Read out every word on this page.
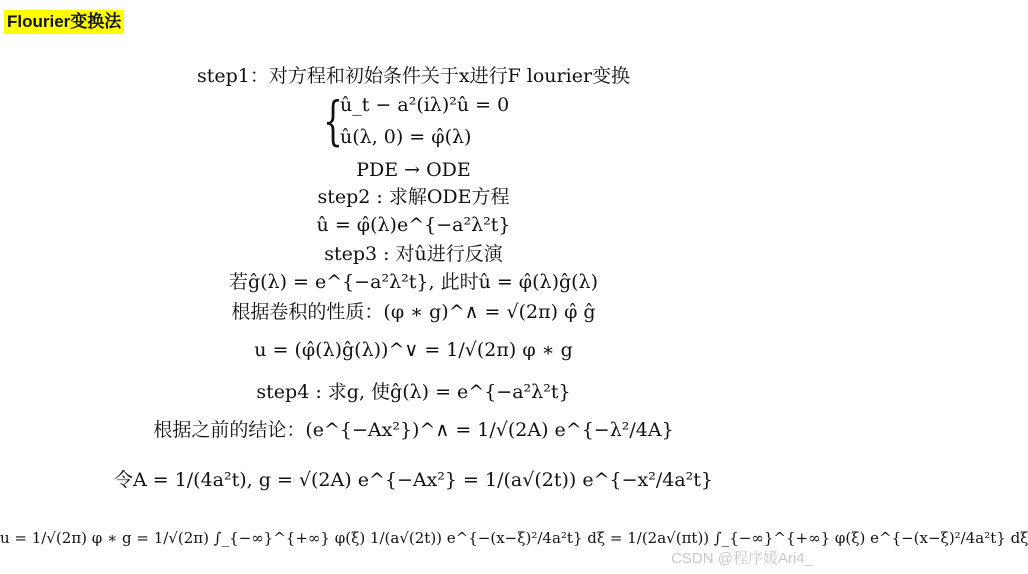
Flourier变换法
step1：对方程和初始条件关于x进行F lourier变换
{
û_t − a²(iλ)²û = 0
û(λ, 0) = φ̂(λ)
PDE → ODE
step2 : 求解ODE方程
û = φ̂(λ)e^{−a²λ²t}
step3 : 对û进行反演
若ĝ(λ) = e^{−a²λ²t}, 此时û = φ̂(λ)ĝ(λ)
根据卷积的性质：(φ ∗ g)^∧ = √(2π) φ̂ ĝ
u = (φ̂(λ)ĝ(λ))^∨ = 1/√(2π) φ ∗ g
step4 : 求g, 使ĝ(λ) = e^{−a²λ²t}
根据之前的结论：(e^{−Ax²})^∧ = 1/√(2A) e^{−λ²/4A}
令A = 1/(4a²t), g = √(2A) e^{−Ax²} = 1/(a√(2t)) e^{−x²/4a²t}
u = 1/√(2π) φ ∗ g = 1/√(2π) ∫_{−∞}^{+∞} φ(ξ) 1/(a√(2t)) e^{−(x−ξ)²/4a²t} dξ = 1/(2a√(πt)) ∫_{−∞}^{+∞} φ(ξ) e^{−(x−ξ)²/4a²t} dξ
CSDN @程序媛Ari4_
